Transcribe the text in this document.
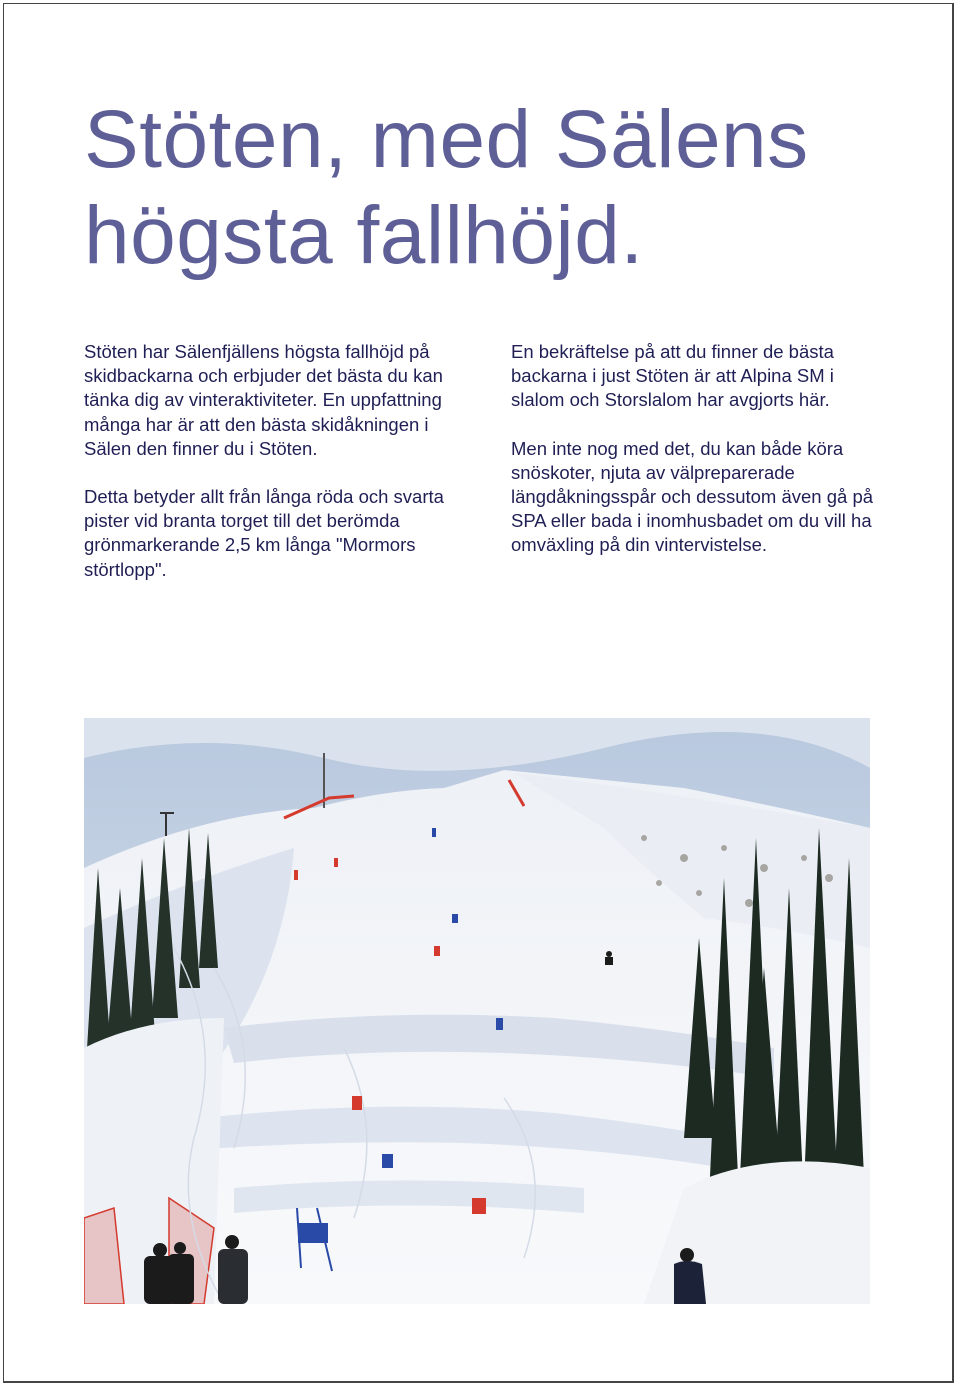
Stöten, med Sälens högsta fallhöjd.

Stöten har Sälenfjällens högsta fallhöjd på skidbackarna och erbjuder det bästa du kan tänka dig av vinteraktiviteter. En uppfattning många har är att den bästa skidåkningen i Sälen den finner du i Stöten.

Detta betyder allt från långa röda och svarta pister vid branta torget till det berömda grönmarkerande 2,5 km långa "Mormors störtlopp".

En bekräftelse på att du finner de bästa backarna i just Stöten är att Alpina SM i slalom och Storslalom har avgjorts här.

Men inte nog med det, du kan både köra snöskoter, njuta av välpreparerade längdåkningsspår och dessutom även gå på SPA eller bada i inomhusbadet om du vill ha omväxling på din vintervistelse.
